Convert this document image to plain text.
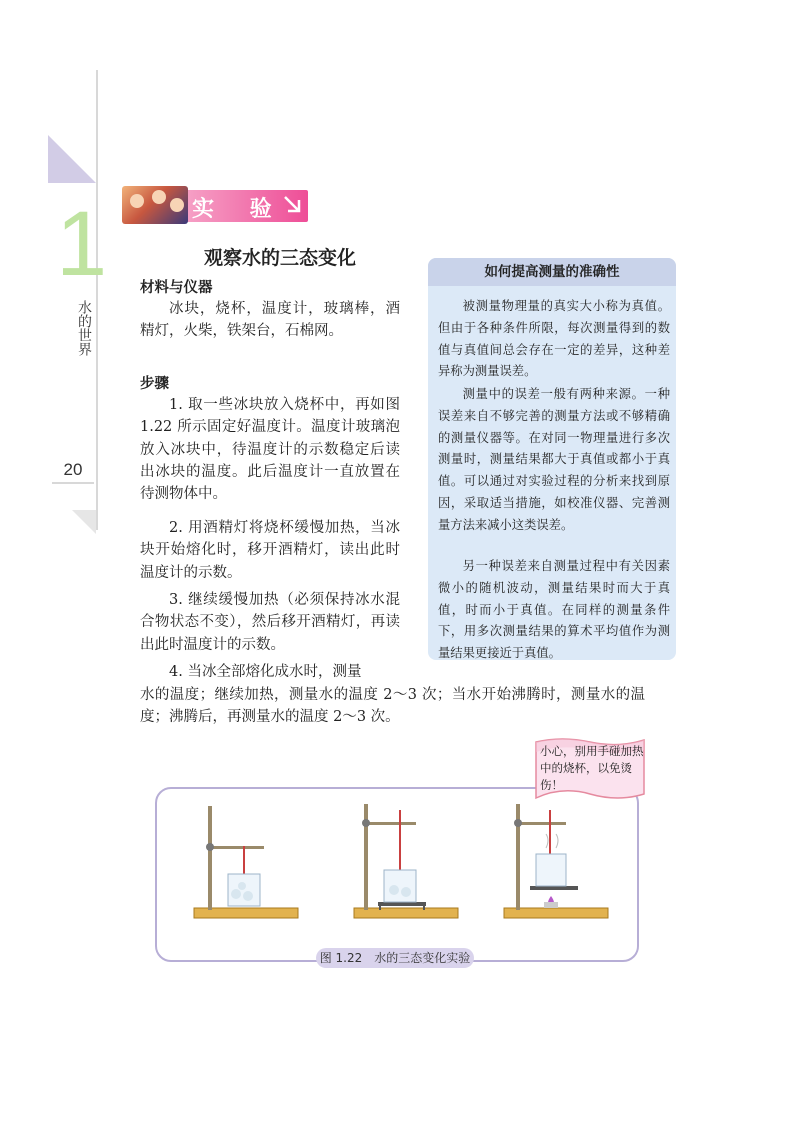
1
水的世界
20
实 验
观察水的三态变化
材料与仪器
冰块，烧杯，温度计，玻璃棒，酒精灯，火柴，铁架台，石棉网。
步骤
1. 取一些冰块放入烧杯中，再如图 1.22 所示固定好温度计。温度计玻璃泡放入冰块中，待温度计的示数稳定后读出冰块的温度。此后温度计一直放置在待测物体中。
2. 用酒精灯将烧杯缓慢加热，当冰块开始熔化时，移开酒精灯，读出此时温度计的示数。
3. 继续缓慢加热（必须保持冰水混合物状态不变），然后移开酒精灯，再读出此时温度计的示数。
4. 当冰全部熔化成水时，测量
水的温度；继续加热，测量水的温度 2～3 次；当水开始沸腾时，测量水的温度；沸腾后，再测量水的温度 2～3 次。
如何提高测量的准确性
被测量物理量的真实大小称为真值。但由于各种条件所限，每次测量得到的数值与真值间总会存在一定的差异，这种差异称为测量误差。
测量中的误差一般有两种来源。一种误差来自不够完善的测量方法或不够精确的测量仪器等。在对同一物理量进行多次测量时，测量结果都大于真值或都小于真值。可以通过对实验过程的分析来找到原因，采取适当措施，如校准仪器、完善测量方法来减小这类误差。
另一种误差来自测量过程中有关因素微小的随机波动，测量结果时而大于真值，时而小于真值。在同样的测量条件下，用多次测量结果的算术平均值作为测量结果更接近于真值。
图 1.22　水的三态变化实验
小心，别用手碰加热中的烧杯，以免烫伤！
